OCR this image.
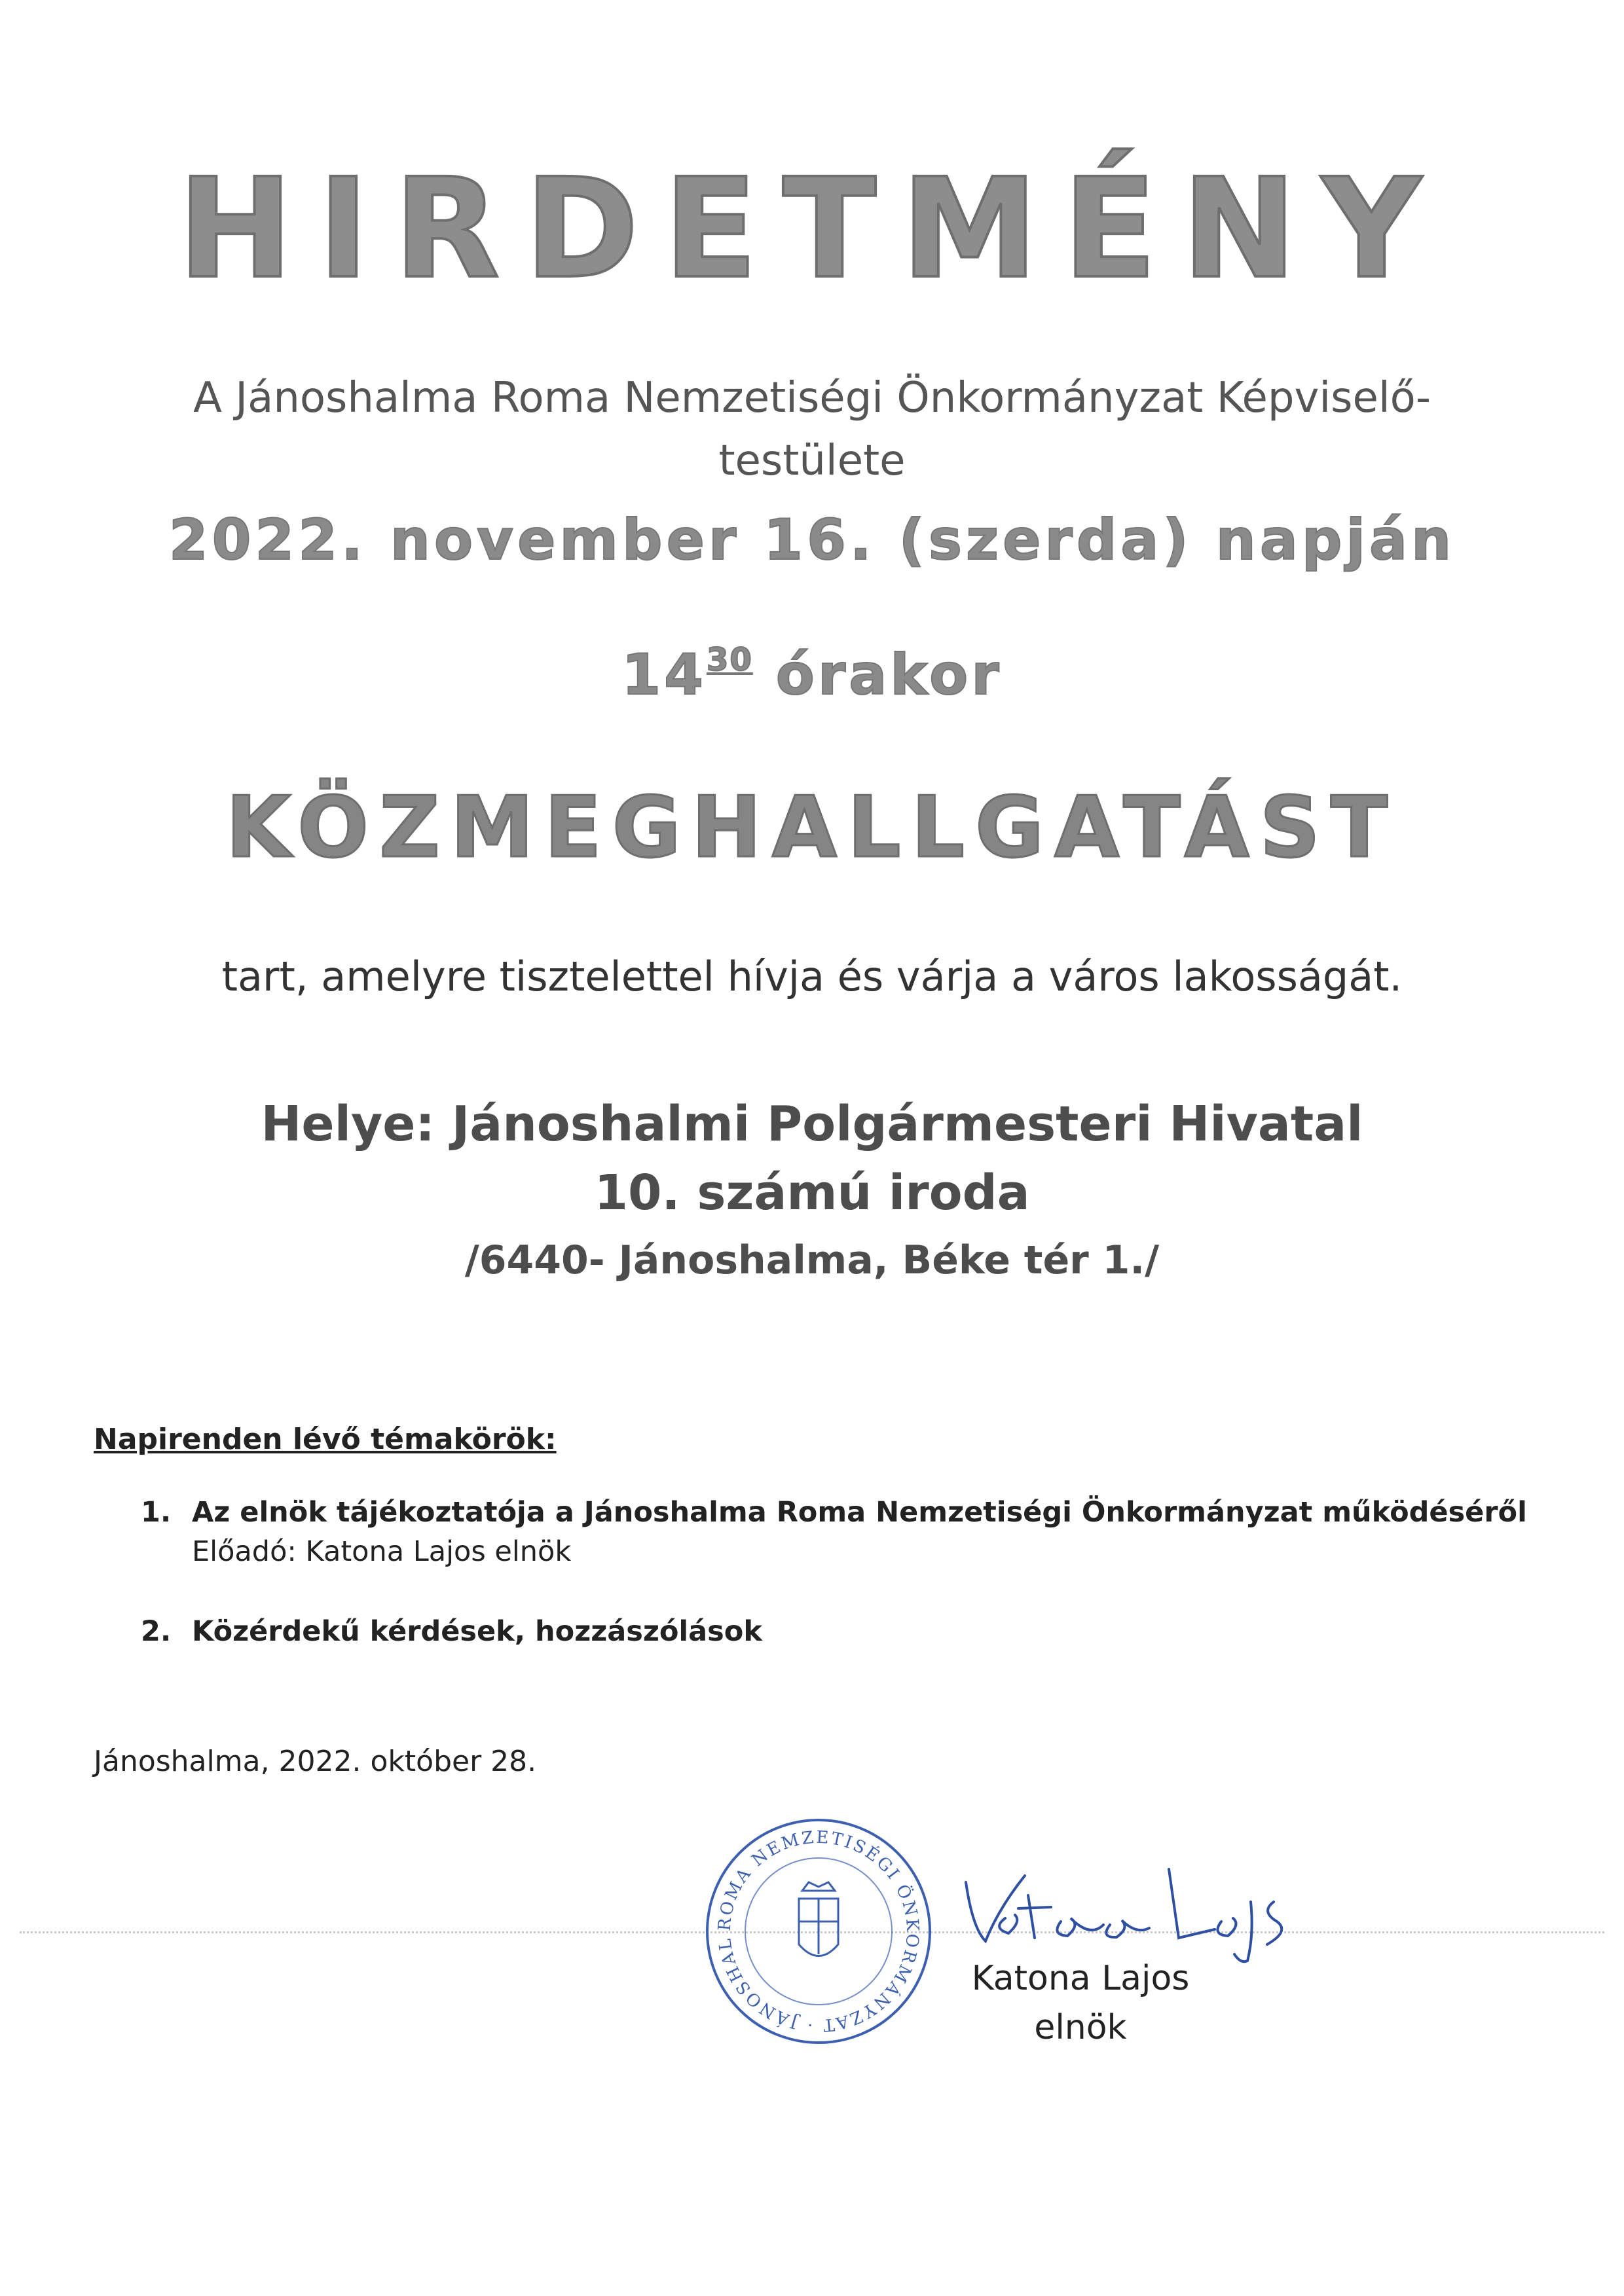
HIRDETMÉNY
A Jánoshalma Roma Nemzetiségi Önkormányzat Képviselő-testülete
2022. november 16. (szerda) napján
$14^{30}$ órakor
KÖZMEGHALLGATÁST
tart, amelyre tisztelettel hívja és várja a város lakosságát.
Helye: Jánoshalmi Polgármesteri Hivatal
10. számú iroda
/6440- Jánoshalma, Béke tér 1./
Napirenden lévő témakörök:
1. Az elnök tájékoztatója a Jánoshalma Roma Nemzetiségi Önkormányzat működéséről
Előadó: Katona Lajos elnök
2. Közérdekű kérdések, hozzászólások
Jánoshalma, 2022. október 28.
ROMA NEMZETISÉGI ÖNKORMÁNYZAT · JÁNOSHAL
Katona Lajos
elnök
